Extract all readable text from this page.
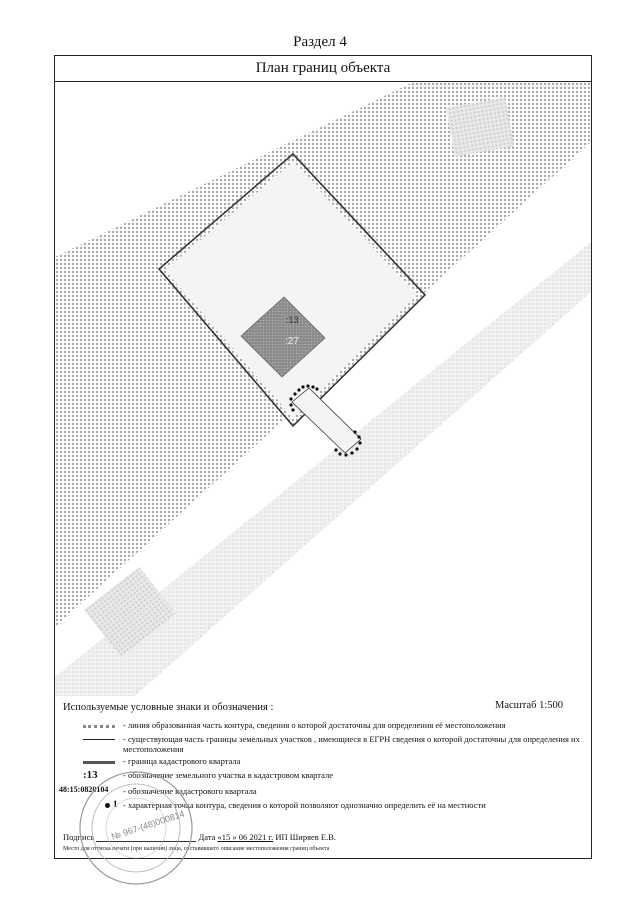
Раздел 4
План границ объекта
:13
:27
Используемые условные знаки и обозначения :	Масштаб 1:500
- линия образованная часть контура, сведения о которой достаточны для определения её местоположения
- существующая часть границы земельных участков , имеющиеся в ЕГРН сведения о которой достаточны для определения их местоположения
- граница кадастрового квартала
:13	- обозначение земельного участка в кадастровом квартале
48:15:0820104 - обозначение кадастрового квартала
1 - характерная точка контура, сведения о которой позволяют однозначно определить её на местности
Подпись	Дата «15 » 06 2021 г. ИП Ширяев Е.В.
Место для оттиска печати (при наличии) лица, составившего описание местоположения границ объекта
№ 967-(48)000814
